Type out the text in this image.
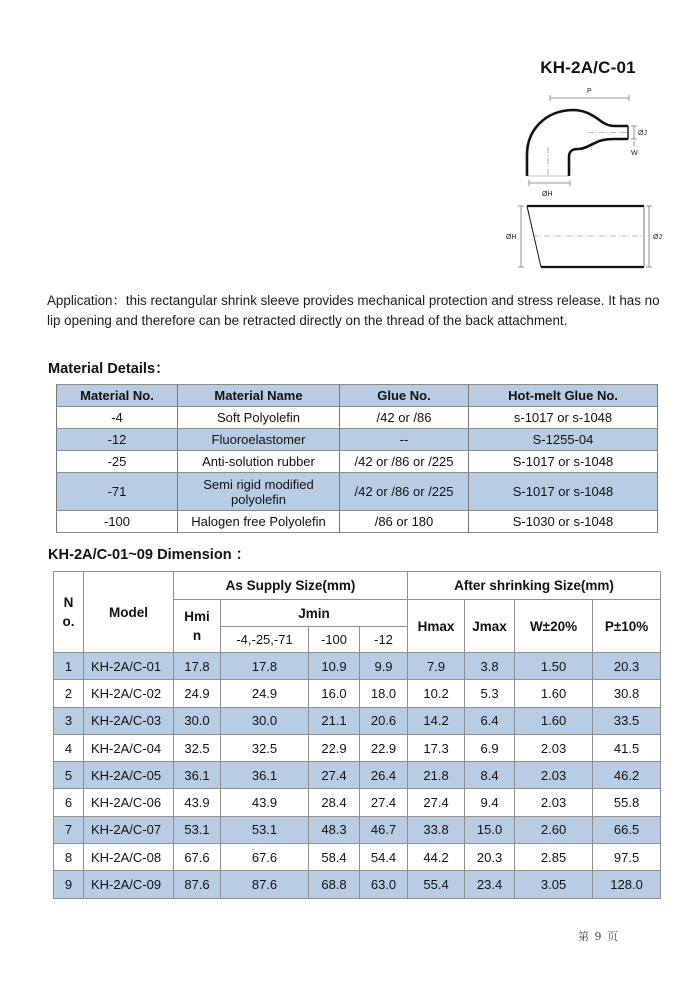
KH-2A/C-01
P
ØJ
W
ØH
ØH	ØJ
Application：this rectangular shrink sleeve provides mechanical protection and stress release. It has no lip opening and therefore can be retracted directly on the thread of the back attachment.
Material Details：
Material No.	Material Name	Glue No.	Hot-melt Glue No.
-4	Soft Polyolefin	/42 or /86	s-1017 or s-1048
-12	Fluoroelastomer	--	S-1255-04
-25	Anti-solution rubber	/42 or /86 or /225	S-1017 or s-1048
-71	Semi rigid modified polyolefin	/42 or /86 or /225	S-1017 or s-1048
-100	Halogen free Polyolefin	/86 or 180	S-1030 or s-1048
KH-2A/C-01~09 Dimension ：
N o.	Model	As Supply Size(mm)				After shrinking Size(mm)			
		Hmi n	Jmin			Hmax	Jmax	W±20%	P±10%
			-4,-25,-71	-100	-12				
1	KH-2A/C-01	17.8	17.8	10.9	9.9	7.9	3.8	1.50	20.3
2	KH-2A/C-02	24.9	24.9	16.0	18.0	10.2	5.3	1.60	30.8
3	KH-2A/C-03	30.0	30.0	21.1	20.6	14.2	6.4	1.60	33.5
4	KH-2A/C-04	32.5	32.5	22.9	22.9	17.3	6.9	2.03	41.5
5	KH-2A/C-05	36.1	36.1	27.4	26.4	21.8	8.4	2.03	46.2
6	KH-2A/C-06	43.9	43.9	28.4	27.4	27.4	9.4	2.03	55.8
7	KH-2A/C-07	53.1	53.1	48.3	46.7	33.8	15.0	2.60	66.5
8	KH-2A/C-08	67.6	67.6	58.4	54.4	44.2	20.3	2.85	97.5
9	KH-2A/C-09	87.6	87.6	68.8	63.0	55.4	23.4	3.05	128.0
第 9 页
